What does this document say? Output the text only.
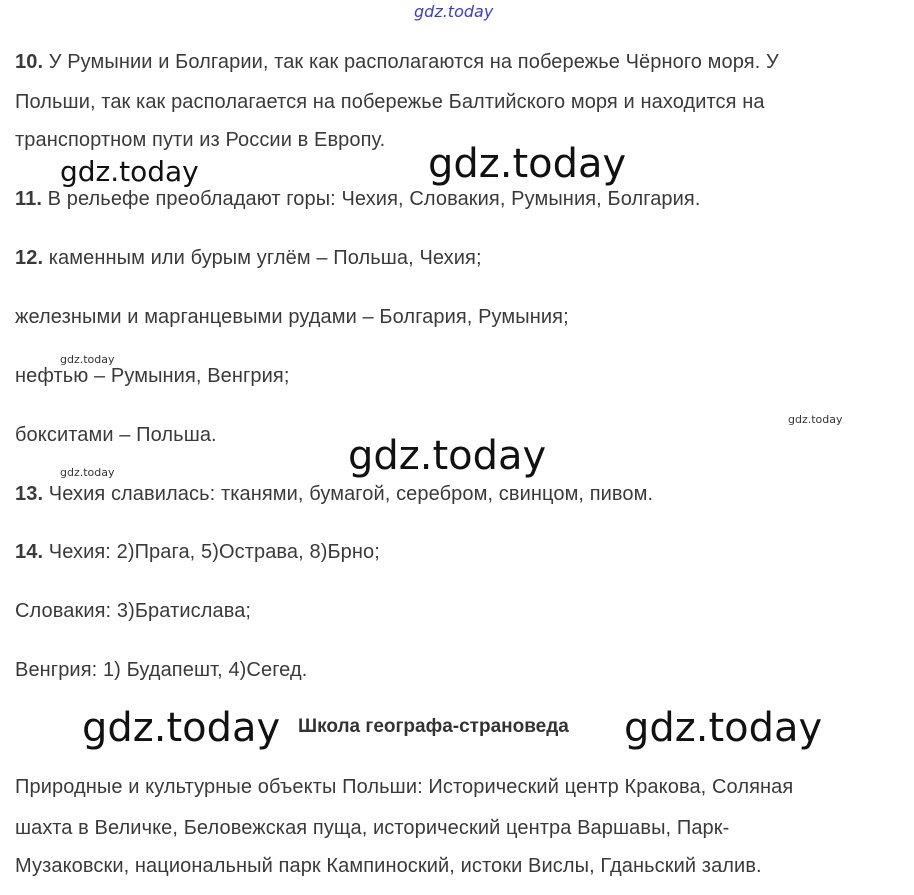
gdz.today
10. У Румынии и Болгарии, так как располагаются на побережье Чёрного моря. У
Польши, так как располагается на побережье Балтийского моря и находится на
транспортном пути из России в Европу.
gdz.today	gdz.today
11. В рельефе преобладают горы: Чехия, Словакия, Румыния, Болгария.
12. каменным или бурым углём – Польша, Чехия;
железными и марганцевыми рудами – Болгария, Румыния;
gdz.today
нефтью – Румыния, Венгрия;
gdz.today
бокситами – Польша.	gdz.today
gdz.today
13. Чехия славилась: тканями, бумагой, серебром, свинцом, пивом.
14. Чехия: 2)Прага, 5)Острава, 8)Брно;
Словакия: 3)Братислава;
Венгрия: 1) Будапешт, 4)Сегед.
gdz.today Школа географа-страноведа gdz.today
Природные и культурные объекты Польши: Исторический центр Кракова, Соляная
шахта в Величке, Беловежская пуща, исторический центра Варшавы, Парк-
Музаковски, национальный парк Кампиноский, истоки Вислы, Гданьский залив.
